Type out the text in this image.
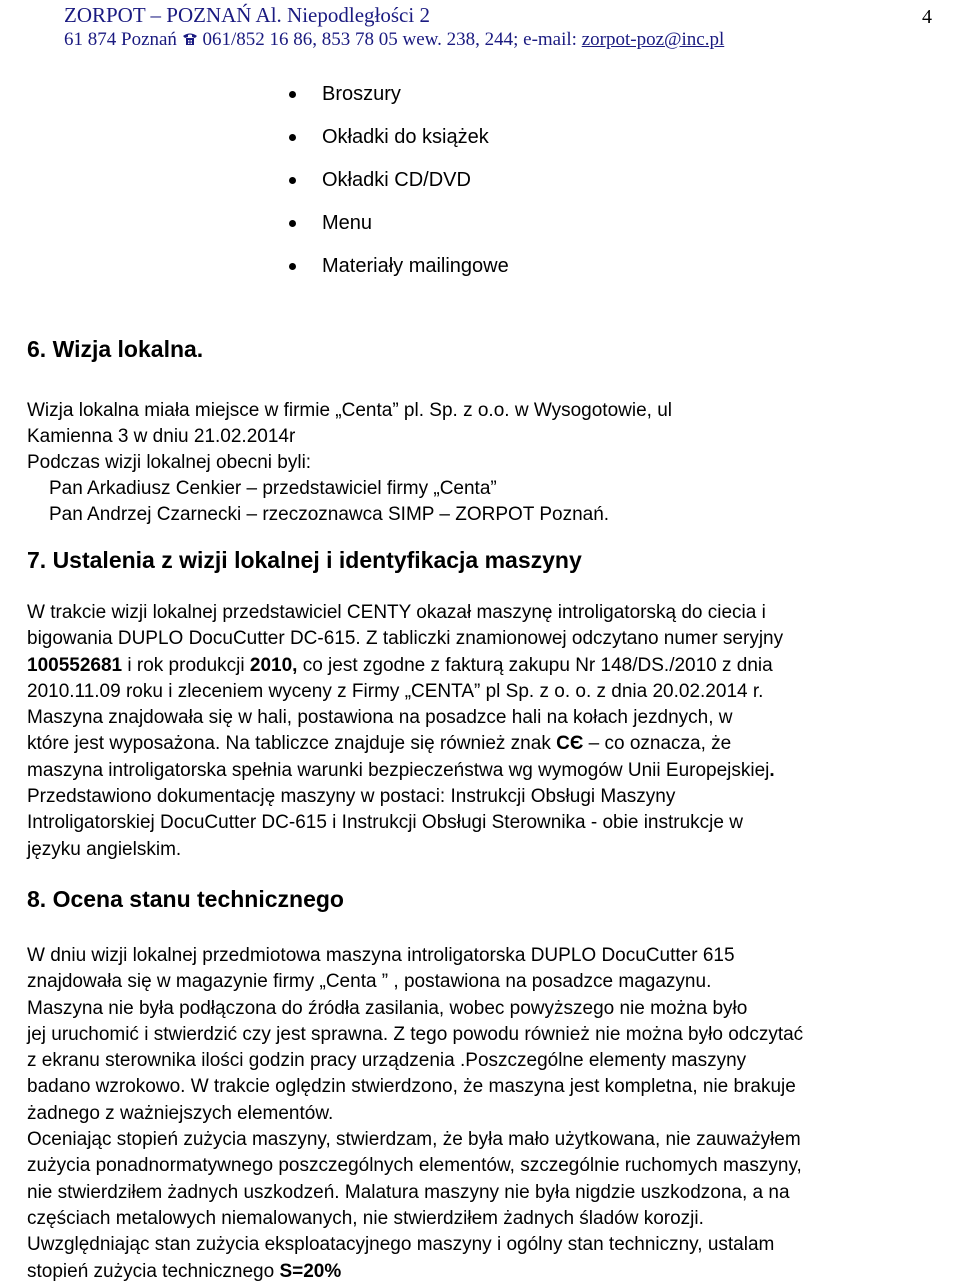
ZORPOT – POZNAŃ Al. Niepodległości 2
61 874 Poznań 061/852 16 86, 853 78 05 wew. 238, 244; e-mail: zorpot-poz@inc.pl
4
Broszury
Okładki do książek
Okładki CD/DVD
Menu
Materiały mailingowe
6. Wizja lokalna.

Wizja lokalna miała miejsce w firmie „Centa” pl. Sp. z o.o. w Wysogotowie, ul

Kamienna 3 w dniu 21.02.2014r

Podczas wizji lokalnej obecni byli:

Pan Arkadiusz Cenkier – przedstawiciel firmy „Centa”

Pan Andrzej Czarnecki – rzeczoznawca SIMP – ZORPOT Poznań.

7. Ustalenia z wizji lokalnej i identyfikacja maszyny

W trakcie wizji lokalnej przedstawiciel CENTY okazał maszynę introligatorską do ciecia i

bigowania DUPLO DocuCutter DC-615. Z tabliczki znamionowej odczytano numer seryjny

100552681 i rok produkcji 2010, co jest zgodne z fakturą zakupu Nr 148/DS./2010 z dnia

2010.11.09 roku i zleceniem wyceny z Firmy „CENTA” pl Sp. z o. o. z dnia 20.02.2014 r.

Maszyna znajdowała się w hali, postawiona na posadzce hali na kołach jezdnych, w

które jest wyposażona. Na tabliczce znajduje się również znak CЄ – co oznacza, że

maszyna introligatorska spełnia warunki bezpieczeństwa wg wymogów Unii Europejskiej.

Przedstawiono dokumentację maszyny w postaci: Instrukcji Obsługi Maszyny

Introligatorskiej DocuCutter DC-615 i Instrukcji Obsługi Sterownika - obie instrukcje w

języku angielskim.

8. Ocena stanu technicznego

W dniu wizji lokalnej przedmiotowa maszyna introligatorska DUPLO DocuCutter 615

znajdowała się w magazynie firmy „Centa ” , postawiona na posadzce magazynu.

Maszyna nie była podłączona do źródła zasilania, wobec powyższego nie można było

jej uruchomić i stwierdzić czy jest sprawna. Z tego powodu również nie można było odczytać

z ekranu sterownika ilości godzin pracy urządzenia .Poszczególne elementy maszyny

badano wzrokowo. W trakcie oględzin stwierdzono, że maszyna jest kompletna, nie brakuje

żadnego z ważniejszych elementów.

Oceniając stopień zużycia maszyny, stwierdzam, że była mało użytkowana, nie zauważyłem

zużycia ponadnormatywnego poszczególnych elementów, szczególnie ruchomych maszyny,

nie stwierdziłem żadnych uszkodzeń. Malatura maszyny nie była nigdzie uszkodzona, a na

częściach metalowych niemalowanych, nie stwierdziłem żadnych śladów korozji.

Uwzględniając stan zużycia eksploatacyjnego maszyny i ogólny stan techniczny, ustalam

stopień zużycia technicznego S=20%
